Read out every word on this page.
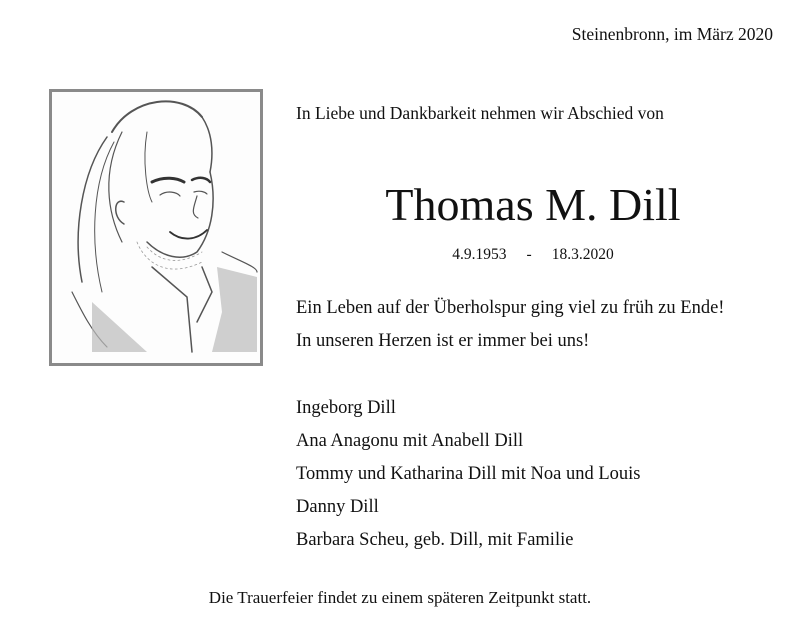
Steinenbronn, im März 2020
In Liebe und Dankbarkeit nehmen wir Abschied von
Thomas M. Dill
4.9.1953 - 18.3.2020
Ein Leben auf der Überholspur ging viel zu früh zu Ende!
In unseren Herzen ist er immer bei uns!
Ingeborg Dill
Ana Anagonu mit Anabell Dill
Tommy und Katharina Dill mit Noa und Louis
Danny Dill
Barbara Scheu, geb. Dill, mit Familie
Die Trauerfeier findet zu einem späteren Zeitpunkt statt.
